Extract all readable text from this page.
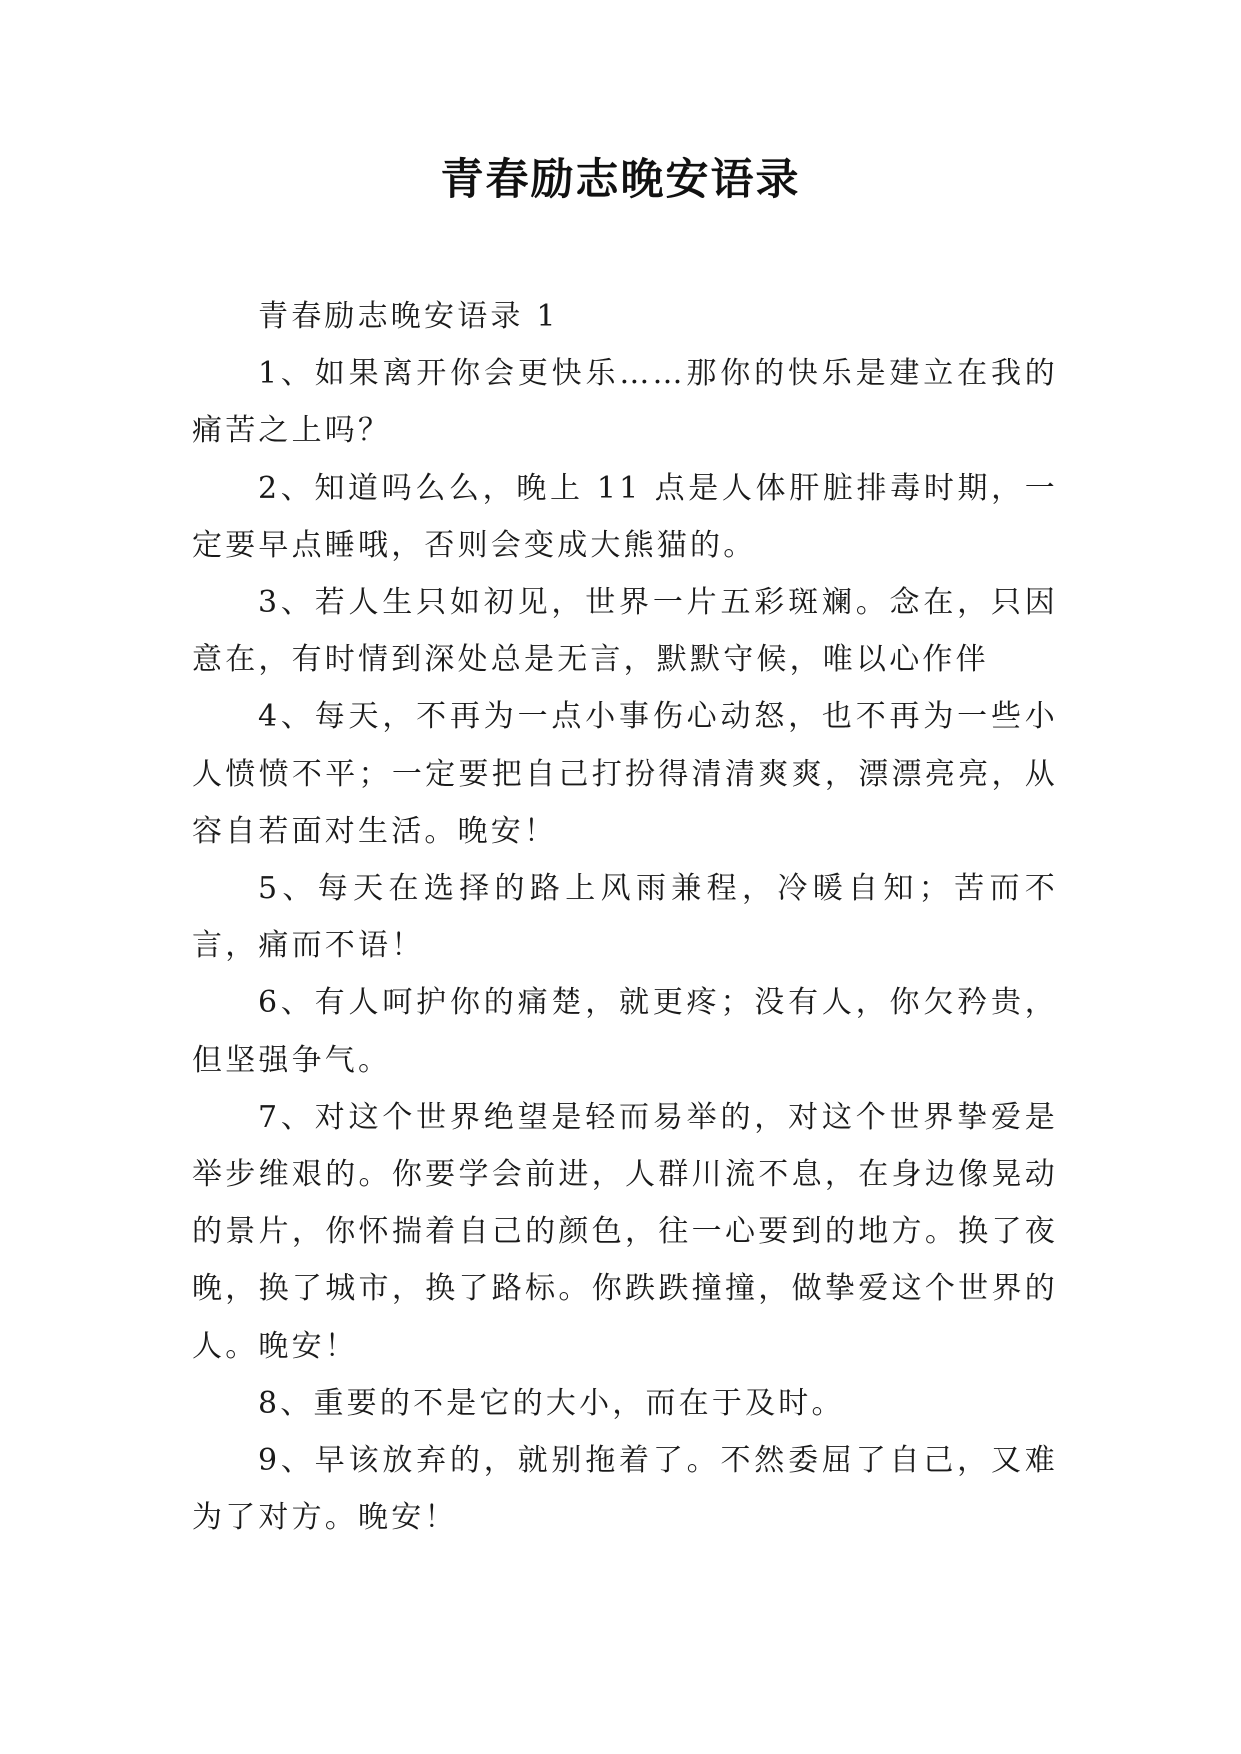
青春励志晚安语录

青春励志晚安语录 1

1、如果离开你会更快乐……那你的快乐是建立在我的痛苦之上吗？

2、知道吗么么，晚上 11 点是人体肝脏排毒时期，一定要早点睡哦，否则会变成大熊猫的。

3、若人生只如初见，世界一片五彩斑斓。念在，只因意在，有时情到深处总是无言，默默守候，唯以心作伴

4、每天，不再为一点小事伤心动怒，也不再为一些小人愤愤不平；一定要把自己打扮得清清爽爽，漂漂亮亮，从容自若面对生活。晚安！

5、每天在选择的路上风雨兼程，冷暖自知；苦而不言，痛而不语！

6、有人呵护你的痛楚，就更疼；没有人，你欠矜贵，但坚强争气。

7、对这个世界绝望是轻而易举的，对这个世界挚爱是举步维艰的。你要学会前进，人群川流不息，在身边像晃动的景片，你怀揣着自己的颜色，往一心要到的地方。换了夜晚，换了城市，换了路标。你跌跌撞撞，做挚爱这个世界的人。晚安！

8、重要的不是它的大小，而在于及时。

9、早该放弃的，就别拖着了。不然委屈了自己，又难为了对方。晚安！
